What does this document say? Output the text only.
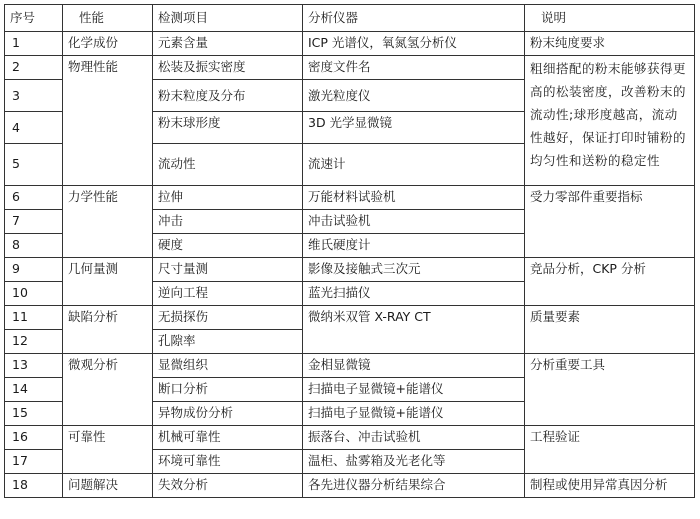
序号	性能	检测项目	分析仪器	说明
1	化学成份	元素含量	ICP 光谱仪，氧氮氢分析仪	粉末纯度要求
2	物理性能	松装及振实密度	密度文件名	粗细搭配的粉末能够获得更高的松装密度，改善粉末的流动性;球形度越高，流动性越好，保证打印时铺粉的均匀性和送粉的稳定性
3		粉末粒度及分布	激光粒度仪	
4		粉末球形度	3D 光学显微镜	
5		流动性	流速计	
6	力学性能	拉伸	万能材料试验机	受力零部件重要指标
7		冲击	冲击试验机	
8		硬度	维氏硬度计	
9	几何量测	尺寸量测	影像及接触式三次元	竞品分析，CKP 分析
10		逆向工程	蓝光扫描仪	
11	缺陷分析	无损探伤	微纳米双管 X-RAY CT	质量要素
12		孔隙率		
13	微观分析	显微组织	金相显微镜	分析重要工具
14		断口分析	扫描电子显微镜+能谱仪	
15		异物成份分析	扫描电子显微镜+能谱仪	
16	可靠性	机械可靠性	振落台、冲击试验机	工程验证
17		环境可靠性	温柜、盐雾箱及光老化等	
18	问题解决	失效分析	各先进仪器分析结果综合	制程或使用异常真因分析
